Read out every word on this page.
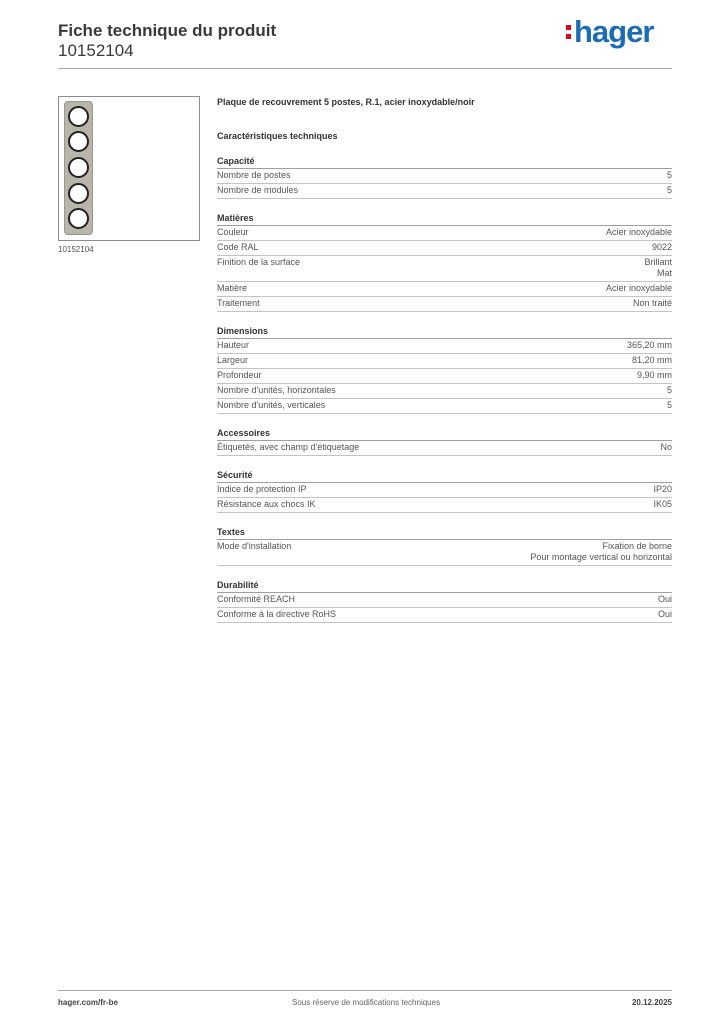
Fiche technique du produit
10152104
hager
10152104
Plaque de recouvrement 5 postes, R.1, acier inoxydable/noir
Caractéristiques techniques
Capacité
Nombre de postes	5
Nombre de modules	5
Matières
Couleur	Acier inoxydable
Code RAL	9022
Finition de la surface	Brillant
Mat
Matière	Acier inoxydable
Traitement	Non traité
Dimensions
Hauteur	365,20 mm
Largeur	81,20 mm
Profondeur	9,90 mm
Nombre d'unités, horizontales	5
Nombre d'unités, verticales	5
Accessoires
Étiquetés, avec champ d'étiquetage	No
Sécurité
Indice de protection IP	IP20
Résistance aux chocs IK	IK05
Textes
Mode d'installation	Fixation de borne
Pour montage vertical ou horizontal
Durabilité
Conformité REACH	Oui
Conforme à la directive RoHS	Oui
hager.com/fr-be	Sous réserve de modifications techniques	20.12.2025
